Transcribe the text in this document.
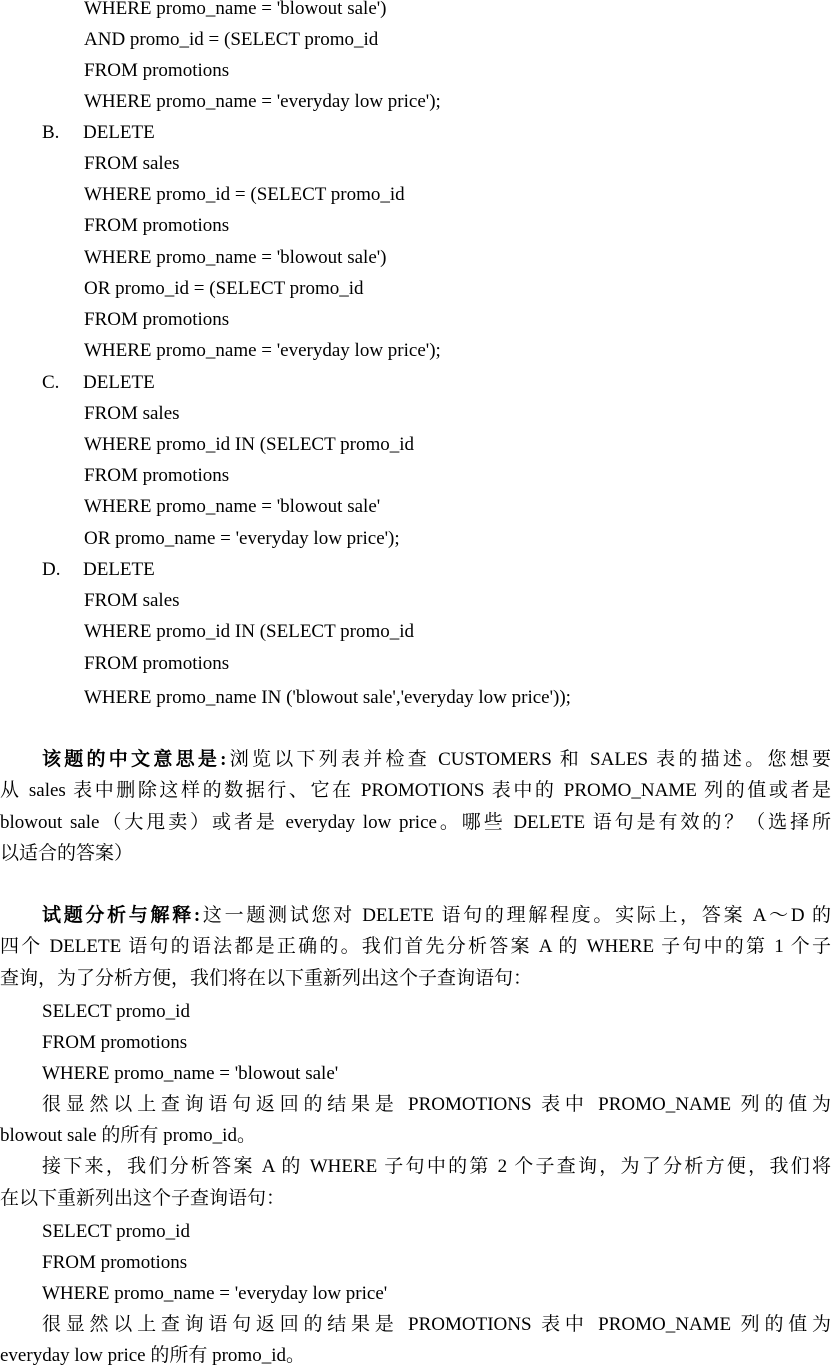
WHERE promo_name = 'blowout sale')
AND promo_id = (SELECT promo_id
FROM promotions
WHERE promo_name = 'everyday low price');
B. DELETE
FROM sales
WHERE promo_id = (SELECT promo_id
FROM promotions
WHERE promo_name = 'blowout sale')
OR promo_id = (SELECT promo_id
FROM promotions
WHERE promo_name = 'everyday low price');
C. DELETE
FROM sales
WHERE promo_id IN (SELECT promo_id
FROM promotions
WHERE promo_name = 'blowout sale'
OR promo_name = 'everyday low price');
D. DELETE
FROM sales
WHERE promo_id IN (SELECT promo_id
FROM promotions
WHERE promo_name IN ('blowout sale','everyday low price'));
该题的中文意思是:浏览以下列表并检查 CUSTOMERS 和 SALES 表的描述。您想要
从 sales 表中删除这样的数据行、它在 PROMOTIONS 表中的 PROMO_NAME 列的值或者是
blowout sale（大甩卖）或者是 everyday low price。哪些 DELETE 语句是有效的？（选择所
以适合的答案）
试题分析与解释:这一题测试您对 DELETE 语句的理解程度。实际上，答案 A～D 的
四个 DELETE 语句的语法都是正确的。我们首先分析答案 A 的 WHERE 子句中的第 1 个子
查询，为了分析方便，我们将在以下重新列出这个子查询语句：
SELECT promo_id
FROM promotions
WHERE promo_name = 'blowout sale'
很显然以上查询语句返回的结果是 PROMOTIONS 表中 PROMO_NAME 列的值为
blowout sale 的所有 promo_id。
接下来，我们分析答案 A 的 WHERE 子句中的第 2 个子查询，为了分析方便，我们将
在以下重新列出这个子查询语句：
SELECT promo_id
FROM promotions
WHERE promo_name = 'everyday low price'
很显然以上查询语句返回的结果是 PROMOTIONS 表中 PROMO_NAME 列的值为
everyday low price 的所有 promo_id。
